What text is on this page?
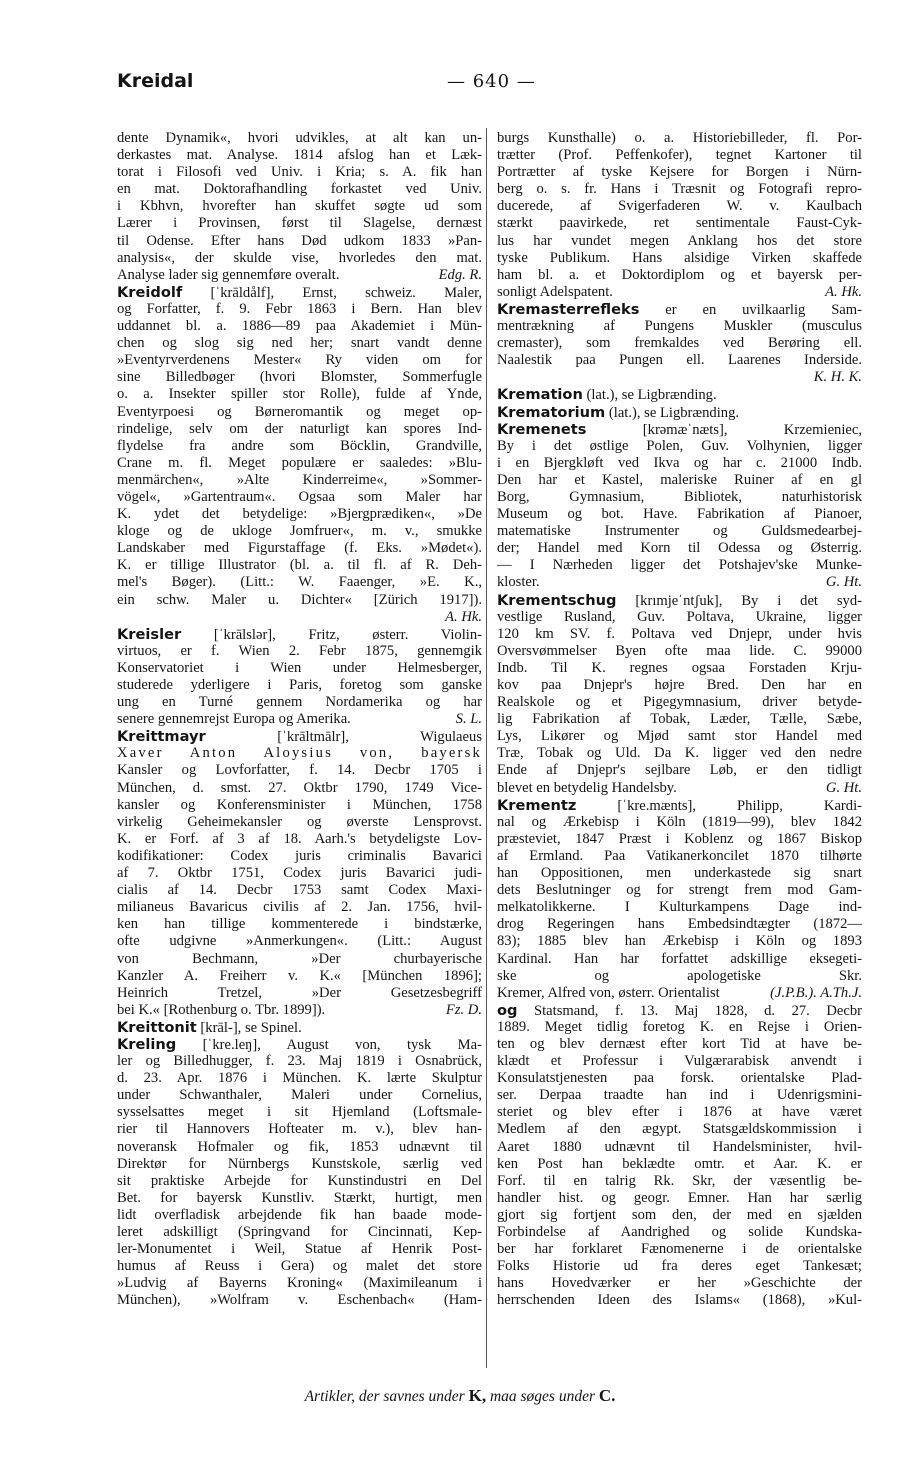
Kreidal	— 640 —
dente Dynamik«, hvori udvikles, at alt kan un-
derkastes mat. Analyse. 1814 afslog han et Læk-
torat i Filosofi ved Univ. i Kria; s. A. fik han
en mat. Doktorafhandling forkastet ved Univ.
i Kbhvn, hvorefter han skuffet søgte ud som
Lærer i Provinsen, først til Slagelse, dernæst
til Odense. Efter hans Død udkom 1833 »Pan-
analysis«, der skulde vise, hvorledes den mat.
Analyse lader sig gennemføre overalt.	Edg. R.
Kreidolf [ˈkrāldålf], Ernst, schweiz. Maler,
og Forfatter, f. 9. Febr 1863 i Bern. Han blev
uddannet bl. a. 1886—89 paa Akademiet i Mün-
chen og slog sig ned her; snart vandt denne
»Eventyrverdenens Mester« Ry viden om for
sine Billedbøger (hvori Blomster, Sommerfugle
o. a. Insekter spiller stor Rolle), fulde af Ynde,
Eventyrpoesi og Børneromantik og meget op-
rindelige, selv om der naturligt kan spores Ind-
flydelse fra andre som Böcklin, Grandville,
Crane m. fl. Meget populære er saaledes: »Blu-
menmärchen«, »Alte Kinderreime«, »Sommer-
vögel«, »Gartentraum«. Ogsaa som Maler har
K. ydet det betydelige: »Bjergprædiken«, »De
kloge og de ukloge Jomfruer«, m. v., smukke
Landskaber med Figurstaffage (f. Eks. »Mødet«).
K. er tillige Illustrator (bl. a. til fl. af R. Deh-
mel's Bøger). (Litt.: W. Faaenger, »E. K.,
ein schw. Maler u. Dichter« [Zürich 1917]).
A. Hk.
Kreisler [ˈkrālslər], Fritz, østerr. Violin-
virtuos, er f. Wien 2. Febr 1875, gennemgik
Konservatoriet i Wien under Helmesberger,
studerede yderligere i Paris, foretog som ganske
ung en Turné gennem Nordamerika og har
senere gennemrejst Europa og Amerika.	S. L.
Kreittmayr [ˈkrāltmālr], Wigulaeus
Xaver Anton Aloysius von, bayersk
Kansler og Lovforfatter, f. 14. Decbr 1705 i
München, d. smst. 27. Oktbr 1790, 1749 Vice-
kansler og Konferensminister i München, 1758
virkelig Geheimekansler og øverste Lensprovst.
K. er Forf. af 3 af 18. Aarh.'s betydeligste Lov-
kodifikationer: Codex juris criminalis Bavarici
af 7. Oktbr 1751, Codex juris Bavarici judi-
cialis af 14. Decbr 1753 samt Codex Maxi-
milianeus Bavaricus civilis af 2. Jan. 1756, hvil-
ken han tillige kommenterede i bindstærke,
ofte udgivne »Anmerkungen«. (Litt.: August
von Bechmann, »Der churbayerische
Kanzler A. Freiherr v. K.« [München 1896];
Heinrich Tretzel, »Der Gesetzesbegriff
bei K.« [Rothenburg o. Tbr. 1899]).	Fz. D.
Kreittonit [krāl-], se Spinel.
Kreling [ˈkre.leŋ], August von, tysk Ma-
ler og Billedhugger, f. 23. Maj 1819 i Osnabrück,
d. 23. Apr. 1876 i München. K. lærte Skulptur
under Schwanthaler, Maleri under Cornelius,
sysselsattes meget i sit Hjemland (Loftsmale-
rier til Hannovers Hofteater m. v.), blev han-
noveransk Hofmaler og fik, 1853 udnævnt til
Direktør for Nürnbergs Kunstskole, særlig ved
sit praktiske Arbejde for Kunstindustri en Del
Bet. for bayersk Kunstliv. Stærkt, hurtigt, men
lidt overfladisk arbejdende fik han baade mode-
leret adskilligt (Springvand for Cincinnati, Kep-
ler-Monumentet i Weil, Statue af Henrik Post-
humus af Reuss i Gera) og malet det store
»Ludvig af Bayerns Kroning« (Maximileanum i
München), »Wolfram v. Eschenbach« (Ham-
burgs Kunsthalle) o. a. Historiebilleder, fl. Por-
trætter (Prof. Peffenkofer), tegnet Kartoner til
Portrætter af tyske Kejsere for Borgen i Nürn-
berg o. s. fr. Hans i Træsnit og Fotografi repro-
ducerede, af Svigerfaderen W. v. Kaulbach
stærkt paavirkede, ret sentimentale Faust-Cyk-
lus har vundet megen Anklang hos det store
tyske Publikum. Hans alsidige Virken skaffede
ham bl. a. et Doktordiplom og et bayersk per-
sonligt Adelspatent.	A. Hk.
Kremasterrefleks er en uvilkaarlig Sam-
mentrækning af Pungens Muskler (musculus
cremaster), som fremkaldes ved Berøring ell.
Naalestik paa Pungen ell. Laarenes Inderside.
K. H. K.
Kremation (lat.), se Ligbrænding.
Krematorium (lat.), se Ligbrænding.
Kremenets [krəmæˈnæts], Krzemieniec,
By i det østlige Polen, Guv. Volhynien, ligger
i en Bjergkløft ved Ikva og har c. 21000 Indb.
Den har et Kastel, maleriske Ruiner af en gl
Borg, Gymnasium, Bibliotek, naturhistorisk
Museum og bot. Have. Fabrikation af Pianoer,
matematiske Instrumenter og Guldsmedearbej-
der; Handel med Korn til Odessa og Østerrig.
— I Nærheden ligger det Potshajev'ske Munke-
kloster.	G. Ht.
Krementschug [krımjeˈntʃuk], By i det syd-
vestlige Rusland, Guv. Poltava, Ukraine, ligger
120 km SV. f. Poltava ved Dnjepr, under hvis
Oversvømmelser Byen ofte maa lide. C. 99000
Indb. Til K. regnes ogsaa Forstaden Krju-
kov paa Dnjepr's højre Bred. Den har en
Realskole og et Pigegymnasium, driver betyde-
lig Fabrikation af Tobak, Læder, Tælle, Sæbe,
Lys, Likører og Mjød samt stor Handel med
Træ, Tobak og Uld. Da K. ligger ved den nedre
Ende af Dnjepr's sejlbare Løb, er den tidligt
blevet en betydelig Handelsby.	G. Ht.
Krementz [ˈkre.mænts], Philipp, Kardi-
nal og Ærkebisp i Köln (1819—99), blev 1842
præsteviet, 1847 Præst i Koblenz og 1867 Biskop
af Ermland. Paa Vatikanerkoncilet 1870 tilhørte
han Oppositionen, men underkastede sig snart
dets Beslutninger og for strengt frem mod Gam-
melkatolikkerne. I Kulturkampens Dage ind-
drog Regeringen hans Embedsindtægter (1872—
83); 1885 blev han Ærkebisp i Köln og 1893
Kardinal. Han har forfattet adskillige eksegeti-
ske og apologetiske Skr.
Kremer, Alfred von, østerr. Orientalist	(J.P.B.). A.Th.J.
og Statsmand, f. 13. Maj 1828, d. 27. Decbr
1889. Meget tidlig foretog K. en Rejse i Orien-
ten og blev dernæst efter kort Tid at have be-
klædt et Professur i Vulgærarabisk anvendt i
Konsulatstjenesten paa forsk. orientalske Plad-
ser. Derpaa traadte han ind i Udenrigsmini-
steriet og blev efter i 1876 at have været
Medlem af den ægypt. Statsgældskommission i
Aaret 1880 udnævnt til Handelsminister, hvil-
ken Post han beklædte omtr. et Aar. K. er
Forf. til en talrig Rk. Skr, der væsentlig be-
handler hist. og geogr. Emner. Han har særlig
gjort sig fortjent som den, der med en sjælden
Forbindelse af Aandrighed og solide Kundska-
ber har forklaret Fænomenerne i de orientalske
Folks Historie ud fra deres eget Tankesæt;
hans Hovedværker er her »Geschichte der
herrschenden Ideen des Islams« (1868), »Kul-
Artikler, der savnes under K, maa søges under C.
